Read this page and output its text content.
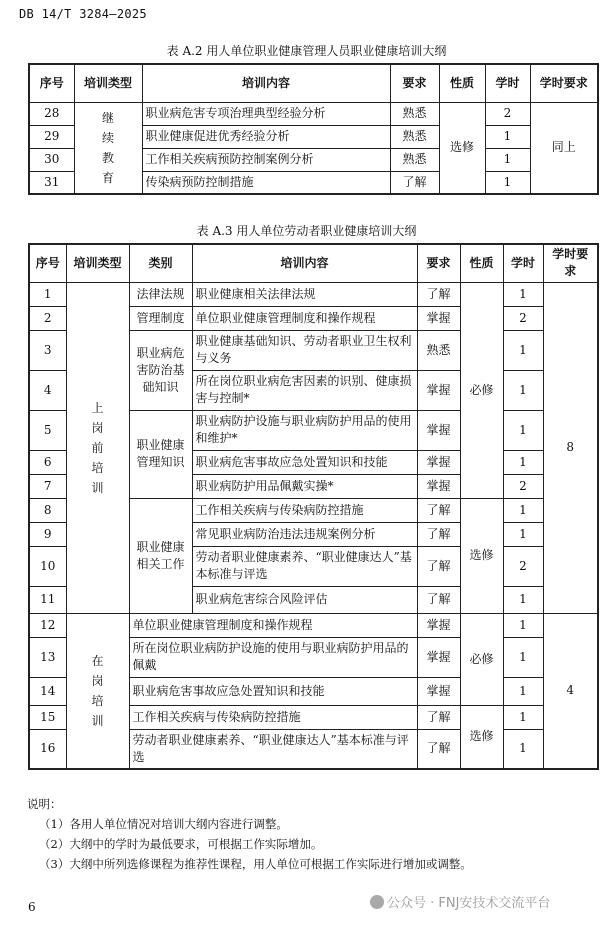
DB 14/T 3284—2025
表 A.2 用人单位职业健康管理人员职业健康培训大纲
序号	培训类型	培训内容	要求	性质	学时	学时要求
28	继续教育	职业病危害专项治理典型经验分析	熟悉	选修	2	同上
29		职业健康促进优秀经验分析	熟悉		1	
30		工作相关疾病预防控制案例分析	熟悉		1	
31		传染病预防控制措施	了解		1	
表 A.3 用人单位劳动者职业健康培训大纲
序号	培训类型	类别	培训内容	要求	性质	学时	学时要求
1	上岗前培训	法律法规	职业健康相关法律法规	了解	必修	1	8
2		管理制度	单位职业健康管理制度和操作规程	掌握		2	
3		职业病危害防治基础知识	职业健康基础知识、劳动者职业卫生权利与义务	熟悉		1	
4			所在岗位职业病危害因素的识别、健康损害与控制*	掌握		1	
5		职业健康管理知识	职业病防护设施与职业病防护用品的使用和维护*	掌握		1	
6			职业病危害事故应急处置知识和技能	掌握		1	
7			职业病防护用品佩戴实操*	掌握		2	
8		职业健康相关工作	工作相关疾病与传染病防控措施	了解	选修	1	
9			常见职业病防治违法违规案例分析	了解		1	
10			劳动者职业健康素养、“职业健康达人”基本标准与评选	了解		2	
11			职业病危害综合风险评估	了解		1	
12	在岗培训	单位职业健康管理制度和操作规程		掌握	必修	1	4
13		所在岗位职业病防护设施的使用与职业病防护用品的佩戴		掌握		1	
14		职业病危害事故应急处置知识和技能		掌握		1	
15		工作相关疾病与传染病防控措施		了解	选修	1	
16		劳动者职业健康素养、“职业健康达人”基本标准与评选		了解		1	
说明：
（1）各用人单位情况对培训大纲内容进行调整。
（2）大纲中的学时为最低要求，可根据工作实际增加。
（3）大纲中所列选修课程为推荐性课程，用人单位可根据工作实际进行增加或调整。
6	公众号 · FNJ安技术交流平台
